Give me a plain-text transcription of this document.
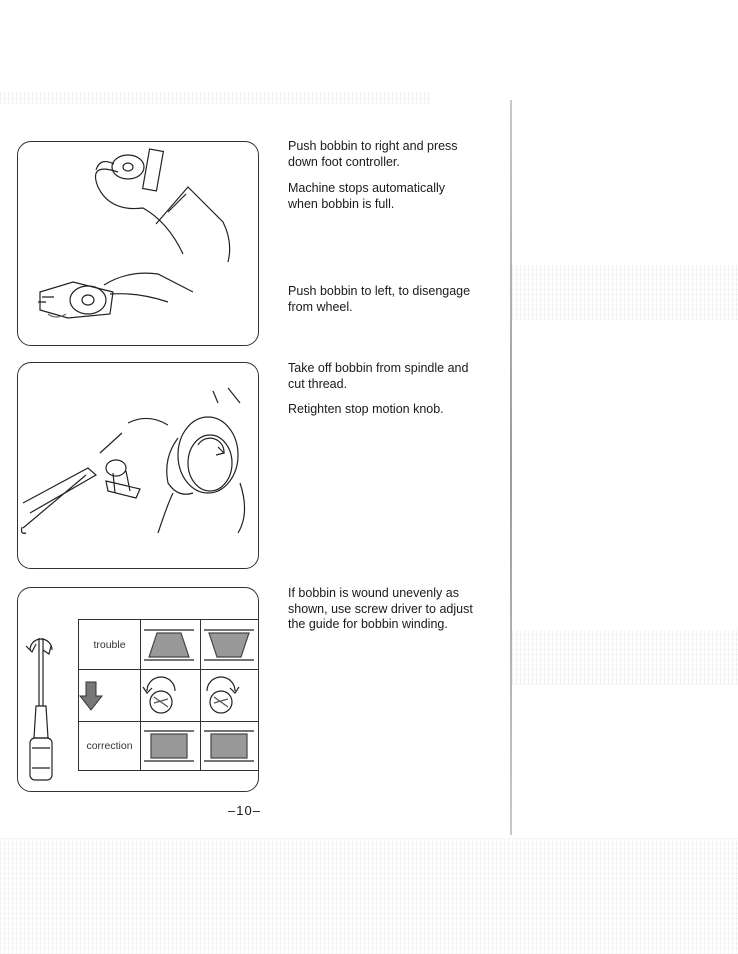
trouble	

correction	

Push bobbin to right and press down foot controller.

Machine stops automatically when bobbin is full.

Push bobbin to left, to disengage from wheel.

Take off bobbin from spindle and cut thread.

Retighten stop motion knob.

If bobbin is wound unevenly as shown, use screw driver to adjust the guide for bobbin winding.

–10–
